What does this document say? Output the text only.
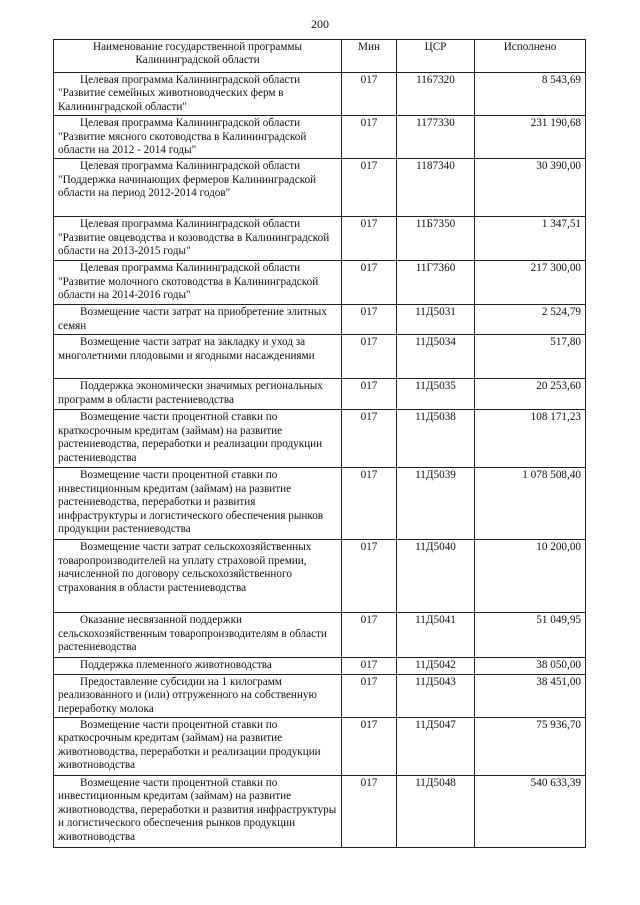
200
Наименование государственной программы Калининградской области	Мин	ЦСР	Исполнено
Целевая программа Калининградской области "Развитие семейных животноводческих ферм в Калининградской области"	017	1167320	8 543,69
Целевая программа Калининградской области "Развитие мясного скотоводства в Калининградской области на 2012 - 2014 годы"	017	1177330	231 190,68
Целевая программа Калининградской области "Поддержка начинающих фермеров Калининградской области на период 2012-2014 годов"	017	1187340	30 390,00
Целевая программа Калининградской области "Развитие овцеводства и козоводства в Калининградской области на 2013-2015 годы"	017	11Б7350	1 347,51
Целевая программа Калининградской области "Развитие молочного скотоводства в Калининградской области на 2014-2016 годы"	017	11Г7360	217 300,00
Возмещение части затрат на приобретение элитных семян	017	11Д5031	2 524,79
Возмещение части затрат на закладку и уход за многолетними плодовыми и ягодными насаждениями	017	11Д5034	517,80
Поддержка экономически значимых региональных программ в области растениеводства	017	11Д5035	20 253,60
Возмещение части процентной ставки по краткосрочным кредитам (займам) на развитие растениеводства, переработки и реализации продукции растениеводства	017	11Д5038	108 171,23
Возмещение части процентной ставки по инвестиционным кредитам (займам) на развитие растениеводства, переработки и развития инфраструктуры и логистического обеспечения рынков продукции растениеводства	017	11Д5039	1 078 508,40
Возмещение части затрат сельскохозяйственных товаропроизводителей на уплату страховой премии, начисленной по договору сельскохозяйственного страхования в области растениеводства	017	11Д5040	10 200,00
Оказание несвязанной поддержки сельскохозяйственным товаропроизводителям в области растениеводства	017	11Д5041	51 049,95
Поддержка племенного животноводства	017	11Д5042	38 050,00
Предоставление субсидии на 1 килограмм реализованного и (или) отгруженного на собственную переработку молока	017	11Д5043	38 451,00
Возмещение части процентной ставки по краткосрочным кредитам (займам) на развитие животноводства, переработки и реализации продукции животноводства	017	11Д5047	75 936,70
Возмещение части процентной ставки по инвестиционным кредитам (займам) на развитие животноводства, переработки и развития инфраструктуры и логистического обеспечения рынков продукции животноводства	017	11Д5048	540 633,39
